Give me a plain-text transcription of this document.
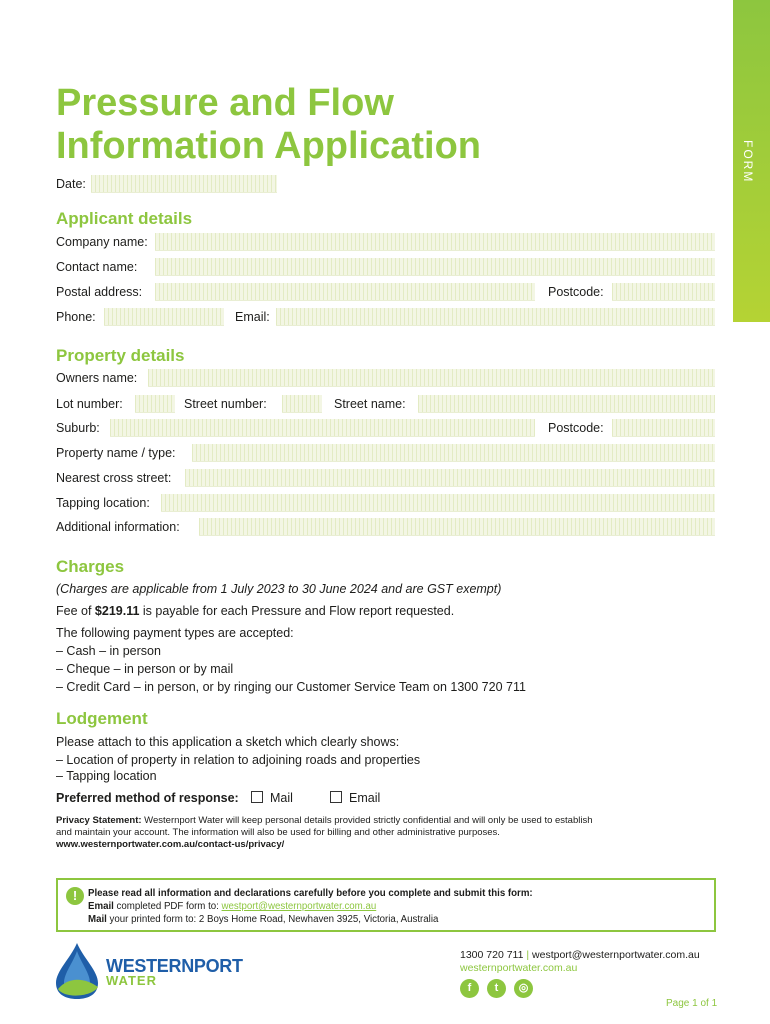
FORM
Pressure and Flow
Information Application
Date:
Applicant details
Company name:
Contact name:
Postal address:	Postcode:
Phone:	Email:
Property details
Owners name:
Lot number:	Street number:	Street name:
Suburb:	Postcode:
Property name / type:
Nearest cross street:
Tapping location:
Additional information:
Charges
(Charges are applicable from 1 July 2023 to 30 June 2024 and are GST exempt)
Fee of $219.11 is payable for each Pressure and Flow report requested.
The following payment types are accepted:
– Cash – in person
– Cheque – in person or by mail
– Credit Card – in person, or by ringing our Customer Service Team on 1300 720 711
Lodgement
Please attach to this application a sketch which clearly shows:
– Location of property in relation to adjoining roads and properties
– Tapping location
Preferred method of response:	Mail	Email
Privacy Statement: Westernport Water will keep personal details provided strictly confidential and will only be used to establish
and maintain your account. The information will also be used for billing and other administrative purposes.
www.westernportwater.com.au/contact-us/privacy/
!	Please read all information and declarations carefully before you complete and submit this form:
Email completed PDF form to: westport@westernportwater.com.au
Mail your printed form to: 2 Boys Home Road, Newhaven 3925, Victoria, Australia
WESTERNPORT
WATER
1300 720 711 | westport@westernportwater.com.au
westernportwater.com.au
f	t	◎
Page 1 of 1
